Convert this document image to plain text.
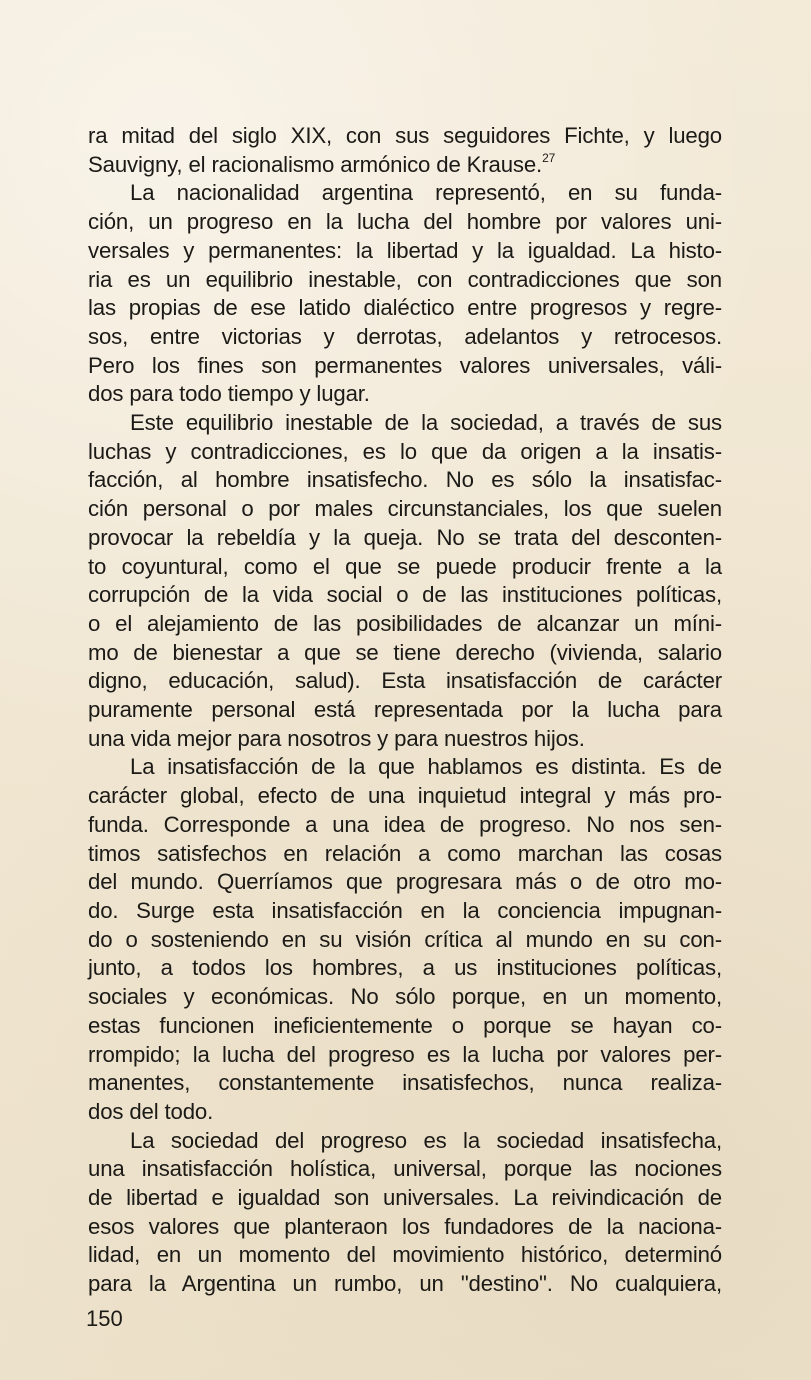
ra mitad del siglo XIX, con sus seguidores Fichte, y luego
Sauvigny, el racionalismo armónico de Krause.$^{27}$
La nacionalidad argentina representó, en su funda-
ción, un progreso en la lucha del hombre por valores uni-
versales y permanentes: la libertad y la igualdad. La histo-
ria es un equilibrio inestable, con contradicciones que son
las propias de ese latido dialéctico entre progresos y regre-
sos, entre victorias y derrotas, adelantos y retrocesos.
Pero los fines son permanentes valores universales, váli-
dos para todo tiempo y lugar.
Este equilibrio inestable de la sociedad, a través de sus
luchas y contradicciones, es lo que da origen a la insatis-
facción, al hombre insatisfecho. No es sólo la insatisfac-
ción personal o por males circunstanciales, los que suelen
provocar la rebeldía y la queja. No se trata del desconten-
to coyuntural, como el que se puede producir frente a la
corrupción de la vida social o de las instituciones políticas,
o el alejamiento de las posibilidades de alcanzar un míni-
mo de bienestar a que se tiene derecho (vivienda, salario
digno, educación, salud). Esta insatisfacción de carácter
puramente personal está representada por la lucha para
una vida mejor para nosotros y para nuestros hijos.
La insatisfacción de la que hablamos es distinta. Es de
carácter global, efecto de una inquietud integral y más pro-
funda. Corresponde a una idea de progreso. No nos sen-
timos satisfechos en relación a como marchan las cosas
del mundo. Querríamos que progresara más o de otro mo-
do. Surge esta insatisfacción en la conciencia impugnan-
do o sosteniendo en su visión crítica al mundo en su con-
junto, a todos los hombres, a us instituciones políticas,
sociales y económicas. No sólo porque, en un momento,
estas funcionen ineficientemente o porque se hayan co-
rrompido; la lucha del progreso es la lucha por valores per-
manentes, constantemente insatisfechos, nunca realiza-
dos del todo.
La sociedad del progreso es la sociedad insatisfecha,
una insatisfacción holística, universal, porque las nociones
de libertad e igualdad son universales. La reivindicación de
esos valores que planteraon los fundadores de la naciona-
lidad, en un momento del movimiento histórico, determinó
para la Argentina un rumbo, un "destino". No cualquiera,
150
